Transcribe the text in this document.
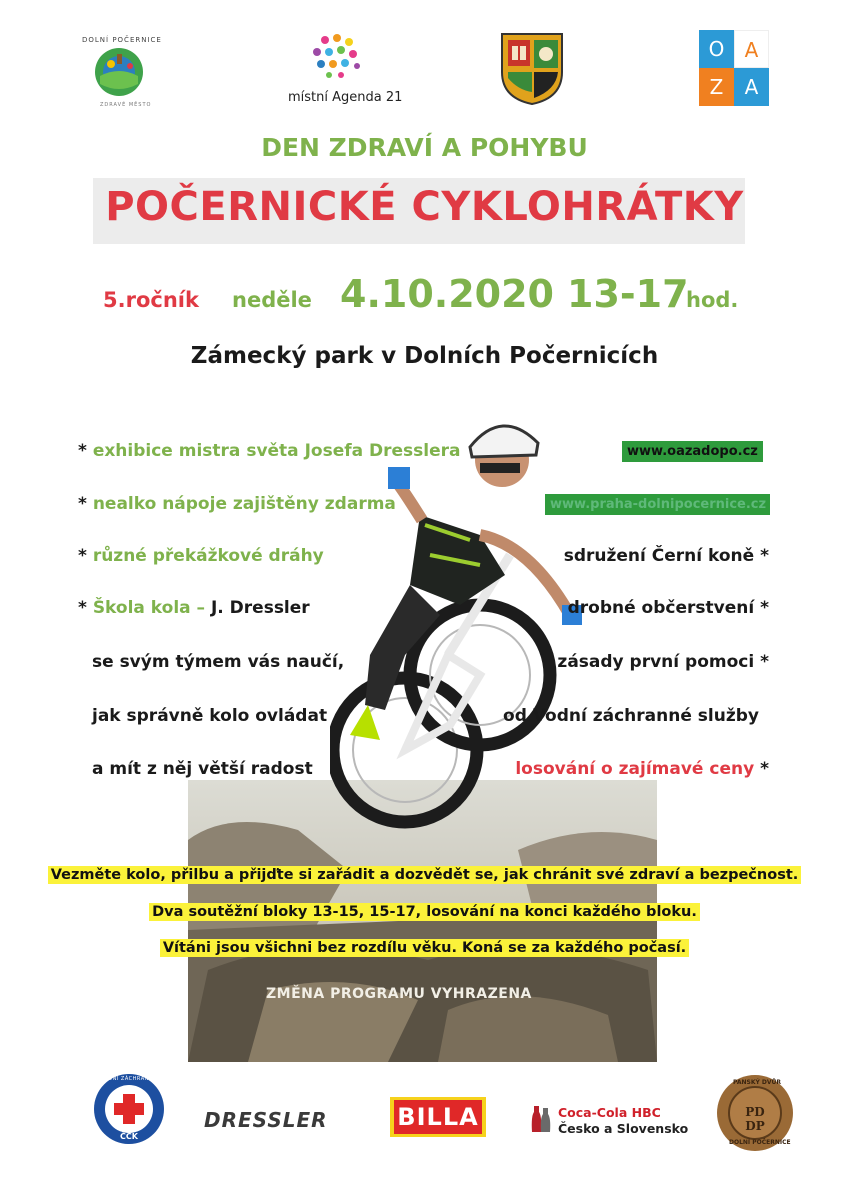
DOLNÍ POČERNICE
ZDRAVÉ MĚSTO	místní Agenda 21
O	A
Z	A
DEN ZDRAVÍ A POHYBU
POČERNICKÉ CYKLOHRÁTKY
5.ročník neděle 4.10.2020 13-17
hod.
Zámecký park v Dolních Počernicích
* exhibice mistra světa Josefa Dresslera
* nealko nápoje zajištěny zdarma
* různé překážkové dráhy
* Škola kola – J. Dressler
se svým týmem vás naučí,
jak správně kolo ovládat
a mít z něj větší radost
www.oazadopo.cz
www.praha-dolnipocernice.cz
sdružení Černí koně *
drobné občerstvení *
zásady první pomoci *
od Vodní záchranné služby
losování o zajímavé ceny *
Vezměte kolo, přilbu a přijďte si zařádit a dozvědět se, jak chránit své zdraví a bezpečnost.
Dva soutěžní bloky 13-15, 15-17, losování na konci každého bloku.
Vítáni jsou všichni bez rozdílu věku. Koná se za každého počasí.
ZMĚNA PROGRAMU VYHRAZENA
VODNÍ ZÁCHRANNÁ SLUŽBA
ČČK
DRESSLER	BILLA	Coca-Cola HBC
Česko a Slovensko
PANSKÝ DVŮR
PD DP
DOLNÍ POČERNICE
